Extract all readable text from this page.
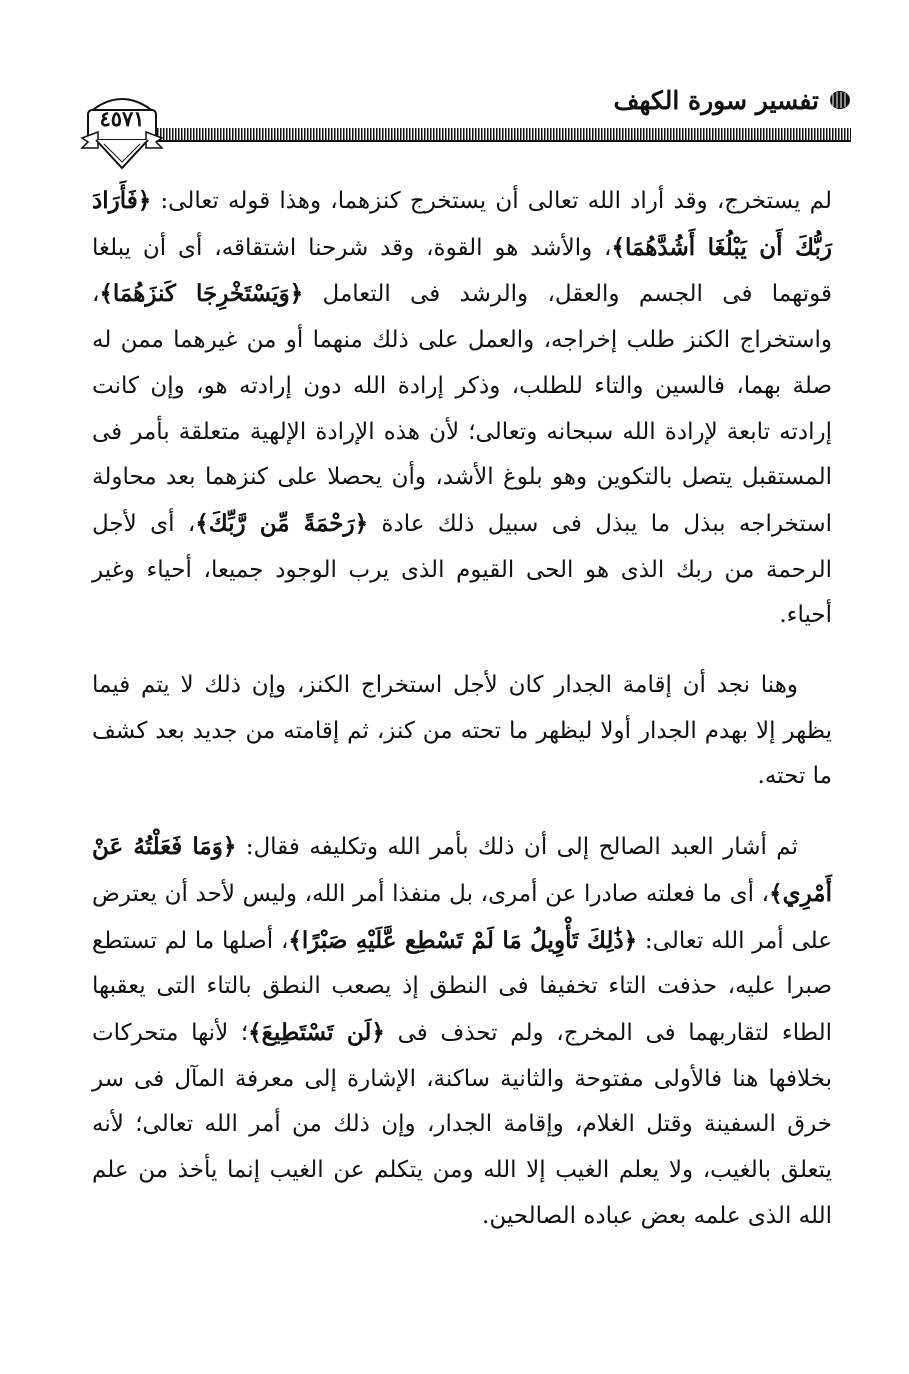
تفسير سورة الكهف
٤٥٧١

لم يستخرج، وقد أراد الله تعالى أن يستخرج كنزهما، وهذا قوله تعالى: ﴿فَأَرَادَ رَبُّكَ أَن يَبْلُغَا أَشُدَّهُمَا﴾، والأشد هو القوة، وقد شرحنا اشتقاقه، أى أن يبلغا قوتهما فى الجسم والعقل، والرشد فى التعامل ﴿وَيَسْتَخْرِجَا كَنزَهُمَا﴾، واستخراج الكنز طلب إخراجه، والعمل على ذلك منهما أو من غيرهما ممن له صلة بهما، فالسين والتاء للطلب، وذكر إرادة الله دون إرادته هو، وإن كانت إرادته تابعة لإرادة الله سبحانه وتعالى؛ لأن هذه الإرادة الإلهية متعلقة بأمر فى المستقبل يتصل بالتكوين وهو بلوغ الأشد، وأن يحصلا على كنزهما بعد محاولة استخراجه ببذل ما يبذل فى سبيل ذلك عادة ﴿رَحْمَةً مِّن رَّبِّكَ﴾، أى لأجل الرحمة من ربك الذى هو الحى القيوم الذى يرب الوجود جميعا، أحياء وغير أحياء.

وهنا نجد أن إقامة الجدار كان لأجل استخراج الكنز، وإن ذلك لا يتم فيما يظهر إلا بهدم الجدار أولا ليظهر ما تحته من كنز، ثم إقامته من جديد بعد كشف ما تحته.

ثم أشار العبد الصالح إلى أن ذلك بأمر الله وتكليفه فقال: ﴿وَمَا فَعَلْتُهُ عَنْ أَمْرِي﴾، أى ما فعلته صادرا عن أمرى، بل منفذا أمر الله، وليس لأحد أن يعترض على أمر الله تعالى: ﴿ذَٰلِكَ تَأْوِيلُ مَا لَمْ تَسْطِع عَّلَيْهِ صَبْرًا﴾، أصلها ما لم تستطع صبرا عليه، حذفت التاء تخفيفا فى النطق إذ يصعب النطق بالتاء التى يعقبها الطاء لتقاربهما فى المخرج، ولم تحذف فى ﴿لَن تَسْتَطِيعَ﴾؛ لأنها متحركات بخلافها هنا فالأولى مفتوحة والثانية ساكنة، الإشارة إلى معرفة المآل فى سر خرق السفينة وقتل الغلام، وإقامة الجدار، وإن ذلك من أمر الله تعالى؛ لأنه يتعلق بالغيب، ولا يعلم الغيب إلا الله ومن يتكلم عن الغيب إنما يأخذ من علم الله الذى علمه بعض عباده الصالحين.
